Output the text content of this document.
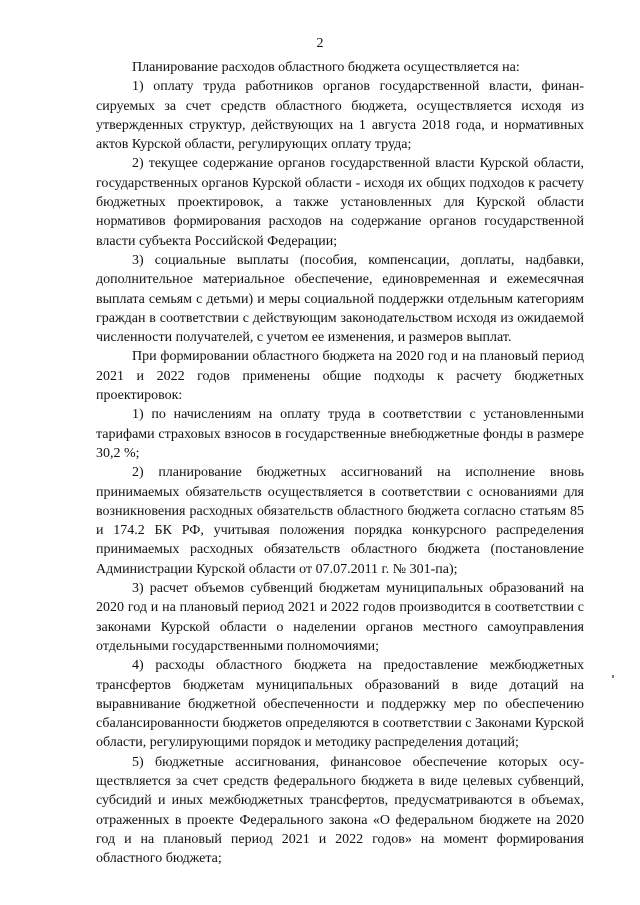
2

Планирование расходов областного бюджета осуществляется на:

1) оплату труда работников органов государственной власти, финансируемых за счет средств областного бюджета, осуществляется исходя из утвержденных структур, действующих на 1 августа 2018 года, и нормативных актов Курской области, регулирующих оплату труда;

2) текущее содержание органов государственной власти Курской области, государственных органов Курской области - исходя их общих подходов к расчету бюджетных проектировок, а также установленных для Курской области нормативов формирования расходов на содержание органов государственной власти субъекта Российской Федерации;

3) социальные выплаты (пособия, компенсации, доплаты, надбавки, дополнительное материальное обеспечение, единовременная и ежемесячная выплата семьям с детьми) и меры социальной поддержки отдельным категориям граждан в соответствии с действующим законодательством исходя из ожидаемой численности получателей, с учетом ее изменения, и размеров выплат.

При формировании областного бюджета на 2020 год и на плановый период 2021 и 2022 годов применены общие подходы к расчету бюджетных проектировок:

1) по начислениям на оплату труда в соответствии с установленными тарифами страховых взносов в государственные внебюджетные фонды в размере 30,2 %;

2) планирование бюджетных ассигнований на исполнение вновь принимаемых обязательств осуществляется в соответствии с основаниями для возникновения расходных обязательств областного бюджета согласно статьям 85 и 174.2 БК РФ, учитывая положения порядка конкурсного распределения принимаемых расходных обязательств областного бюджета (постановление Администрации Курской области от 07.07.2011 г. № 301-па);

3) расчет объемов субвенций бюджетам муниципальных образований на 2020 год и на плановый период 2021 и 2022 годов производится в соответствии с законами Курской области о наделении органов местного самоуправления отдельными государственными полномочиями;

4) расходы областного бюджета на предоставление межбюджетных трансфертов бюджетам муниципальных образований в виде дотаций на выравнивание бюджетной обеспеченности и поддержку мер по обеспечению сбалансированности бюджетов определяются в соответствии с Законами Курской области, регулирующими порядок и методику распределения дотаций;

5) бюджетные ассигнования, финансовое обеспечение которых осуществляется за счет средств федерального бюджета в виде целевых субвенций, субсидий и иных межбюджетных трансфертов, предусматриваются в объемах, отраженных в проекте Федерального закона «О федеральном бюджете на 2020 год и на плановый период 2021 и 2022 годов» на момент формирования областного бюджета;
